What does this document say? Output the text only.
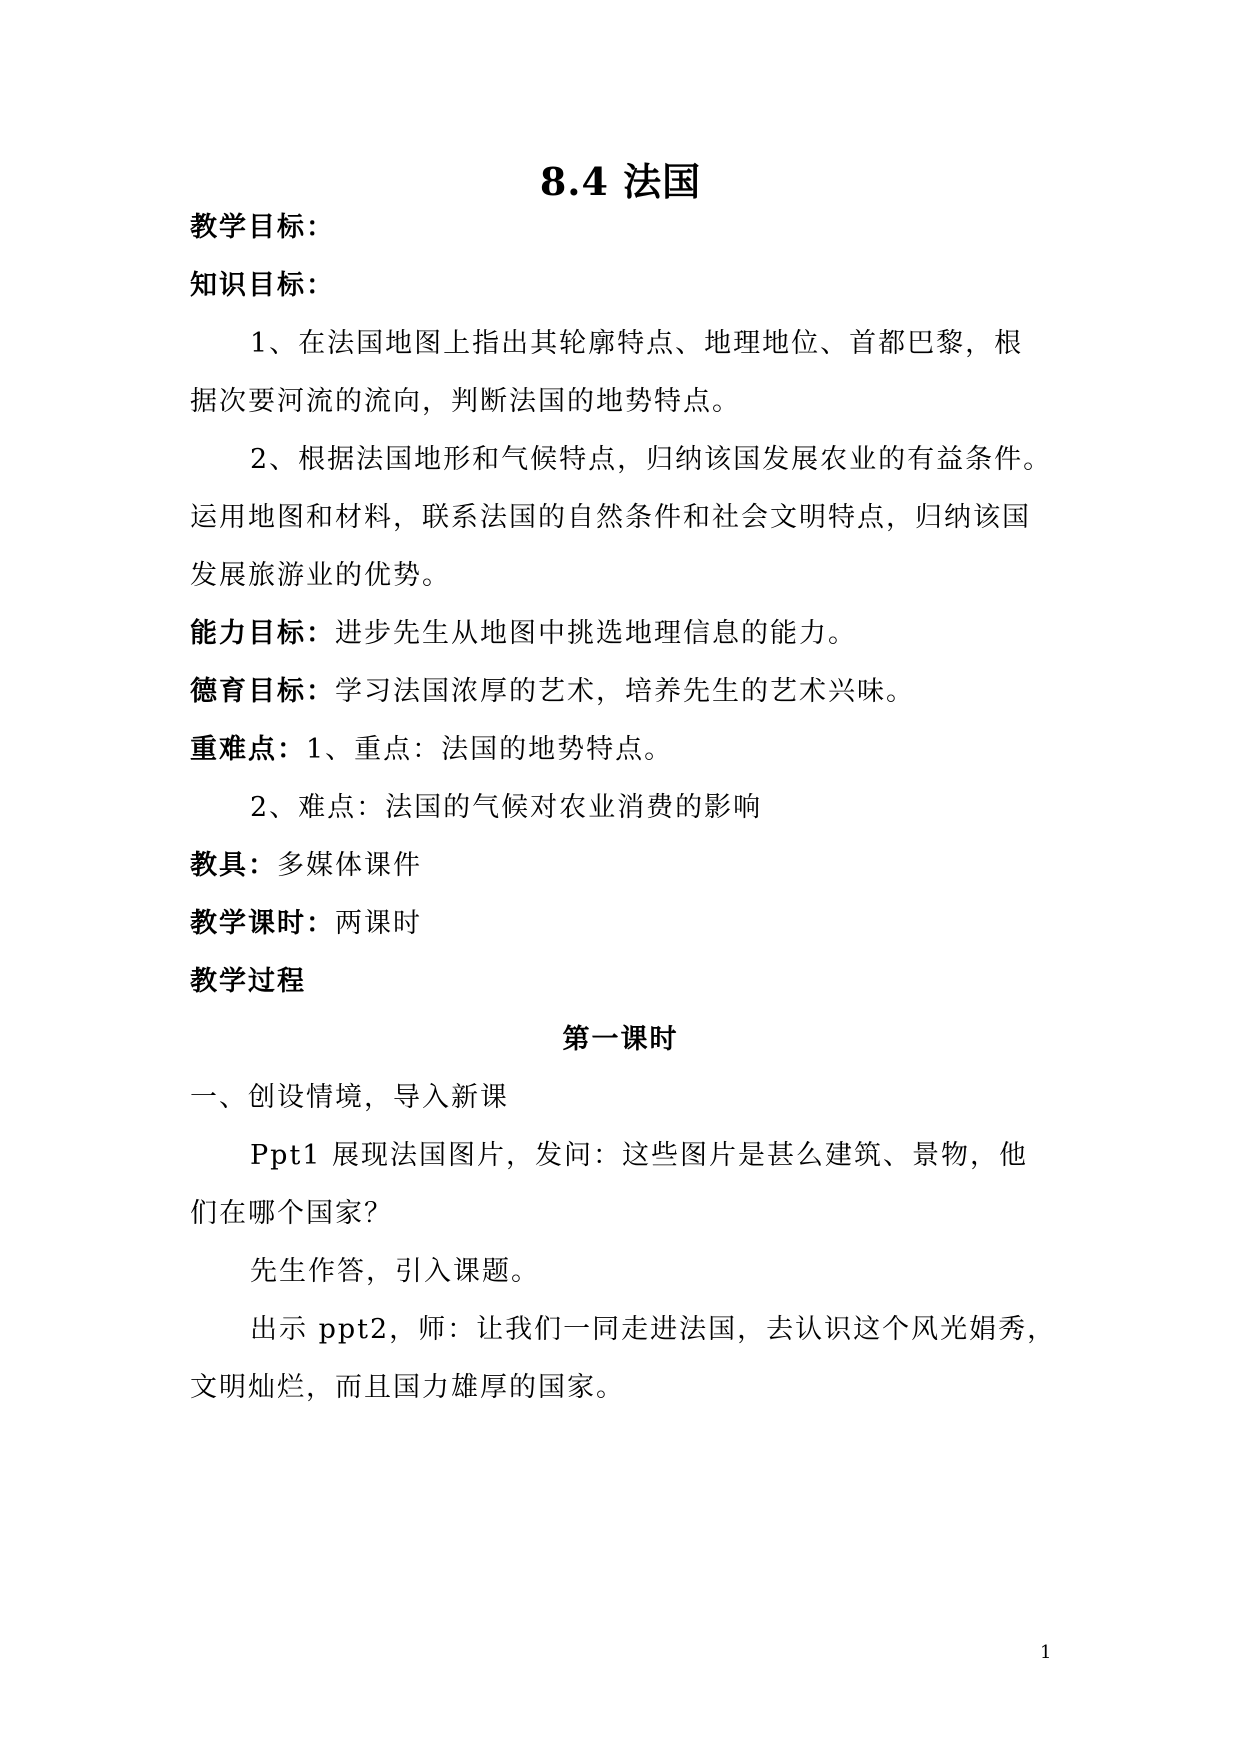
8.4 法国
教学目标：
知识目标：
1、在法国地图上指出其轮廓特点、地理地位、首都巴黎，根
据次要河流的流向，判断法国的地势特点。
2、根据法国地形和气候特点，归纳该国发展农业的有益条件。
运用地图和材料，联系法国的自然条件和社会文明特点，归纳该国
发展旅游业的优势。
能力目标：进步先生从地图中挑选地理信息的能力。
德育目标：学习法国浓厚的艺术，培养先生的艺术兴味。
重难点：1、重点：法国的地势特点。
2、难点：法国的气候对农业消费的影响
教具：多媒体课件
教学课时：两课时
教学过程
第一课时
一、创设情境，导入新课
Ppt1 展现法国图片，发问：这些图片是甚么建筑、景物，他
们在哪个国家？
先生作答，引入课题。
出示 ppt2，师：让我们一同走进法国，去认识这个风光娟秀，
文明灿烂，而且国力雄厚的国家。
1
